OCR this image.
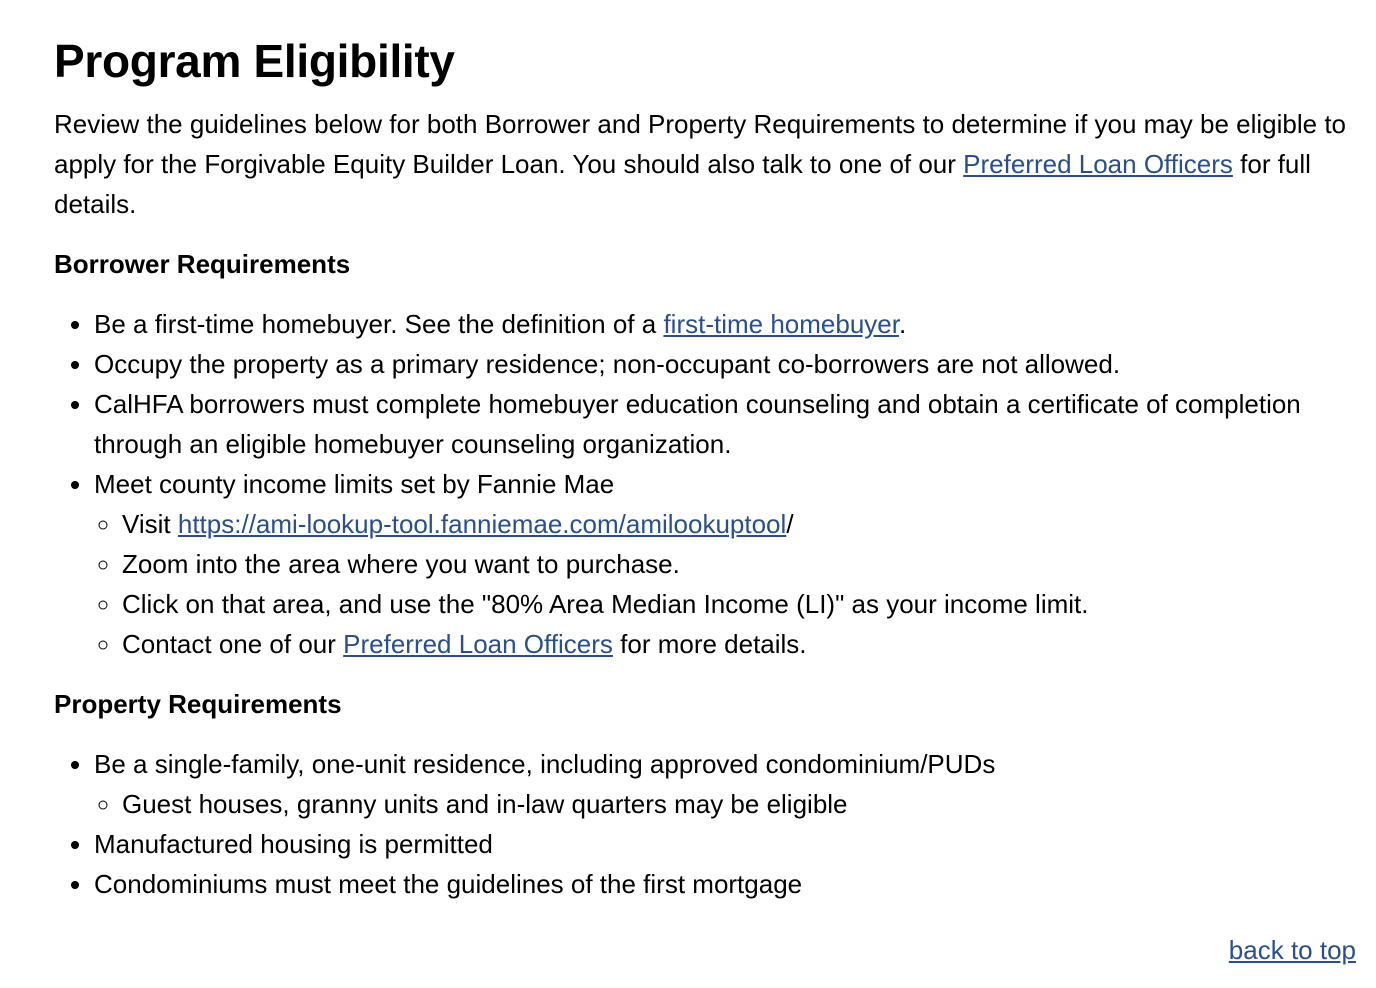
Program Eligibility

Review the guidelines below for both Borrower and Property Requirements to determine if you may be eligible to apply for the Forgivable Equity Builder Loan. You should also talk to one of our Preferred Loan Officers for full details.

Borrower Requirements
• Be a first-time homebuyer. See the definition of a first-time homebuyer.
• Occupy the property as a primary residence; non-occupant co-borrowers are not allowed.
• CalHFA borrowers must complete homebuyer education counseling and obtain a certificate of completion through an eligible homebuyer counseling organization.
• Meet county income limits set by Fannie Mae
◦ Visit https://ami-lookup-tool.fanniemae.com/amilookuptool/
◦ Zoom into the area where you want to purchase.
◦ Click on that area, and use the "80% Area Median Income (LI)" as your income limit.
◦ Contact one of our Preferred Loan Officers for more details.
Property Requirements
• Be a single-family, one-unit residence, including approved condominium/PUDs
◦ Guest houses, granny units and in-law quarters may be eligible
• Manufactured housing is permitted
• Condominiums must meet the guidelines of the first mortgage
back to top
